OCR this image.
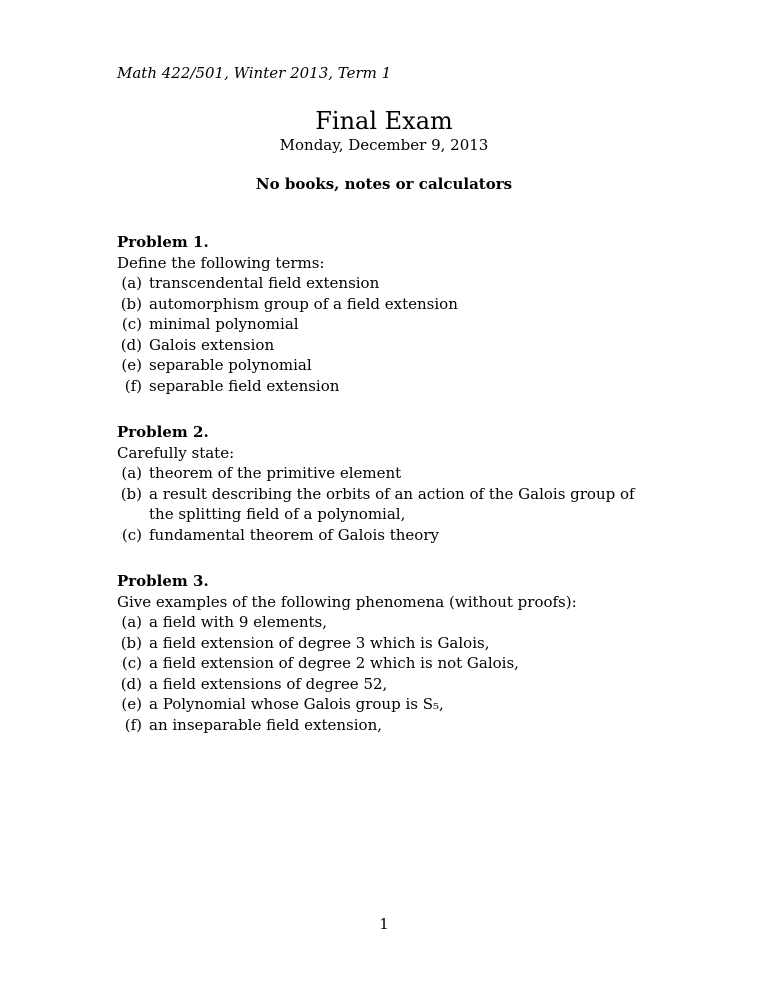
Math 422/501, Winter 2013, Term 1
Final Exam
Monday, December 9, 2013
No books, notes or calculators
Problem 1.
Define the following terms:
(a) transcendental field extension
(b) automorphism group of a field extension
(c) minimal polynomial
(d) Galois extension
(e) separable polynomial
(f) separable field extension
Problem 2.
Carefully state:
(a) theorem of the primitive element
(b) a result describing the orbits of an action of the Galois group of the splitting field of a polynomial,
(c) fundamental theorem of Galois theory
Problem 3.
Give examples of the following phenomena (without proofs):
(a) a field with 9 elements,
(b) a field extension of degree 3 which is Galois,
(c) a field extension of degree 2 which is not Galois,
(d) a field extensions of degree 52,
(e) a Polynomial whose Galois group is S₅,
(f) an inseparable field extension,
1
